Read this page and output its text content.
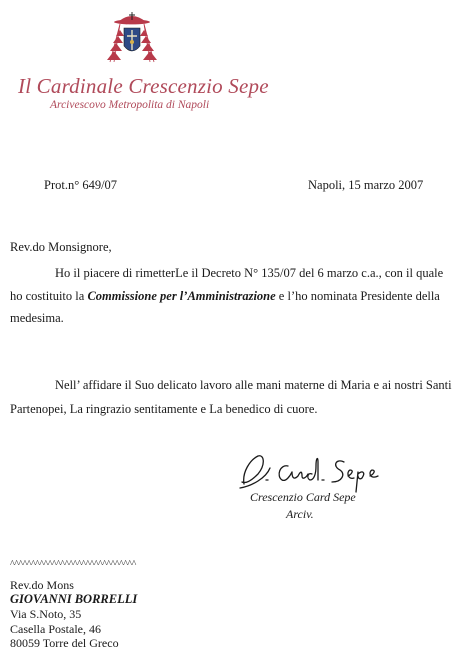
Il Cardinale Crescenzio Sepe
Arcivescovo Metropolita di Napoli
Prot.n° 649/07	Napoli, 15 marzo 2007
Rev.do Monsignore,
Ho il piacere di rimetterLe il Decreto N° 135/07 del 6 marzo c.a., con il quale ho costituito la Commissione per l’Amministrazione e l’ho nominata Presidente della medesima.
Nell’ affidare il Suo delicato lavoro alle mani materne di Maria e ai nostri Santi Partenopei, La ringrazio sentitamente e La benedico di cuore.
Crescenzio Card Sepe
Arciv.
^^^^^^^^^^^^^^^^^^^^^^^^^^^^^^
Rev.do Mons
GIOVANNI BORRELLI
Via S.Noto, 35
Casella Postale, 46
80059 Torre del Greco
